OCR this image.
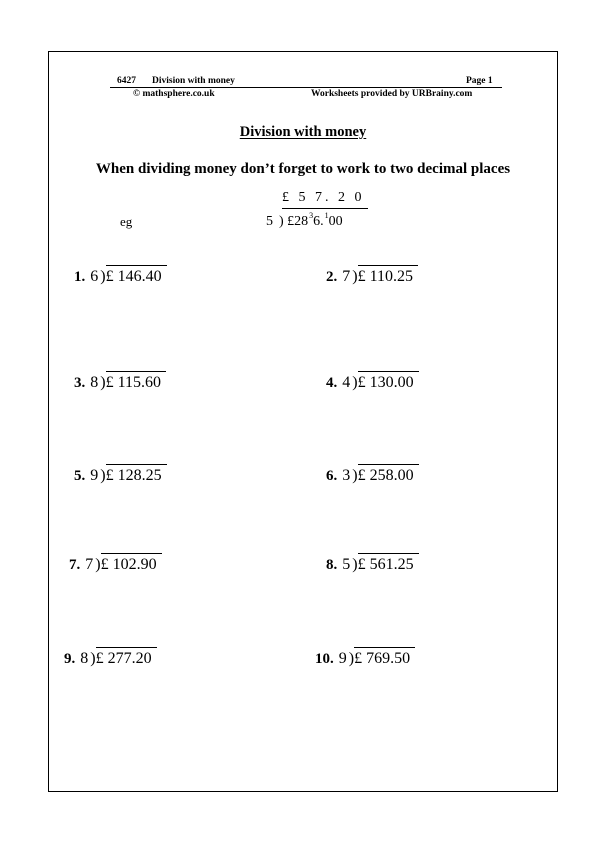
6427 Division with money	Page 1
© mathsphere.co.uk	Worksheets provided by URBrainy.com
Division with money
When dividing money don’t forget to work to two decimal places
eg
£ 5 7. 2 0
5 ) $£28^36.^100$
1. 6 )£ 146.40	2. 7 )£ 110.25
3. 8 )£ 115.60	4. 4 )£ 130.00
5. 9 )£ 128.25	6. 3 )£ 258.00
7. 7 )£ 102.90	8. 5 )£ 561.25
9. 8 )£ 277.20	10. 9 )£ 769.50
